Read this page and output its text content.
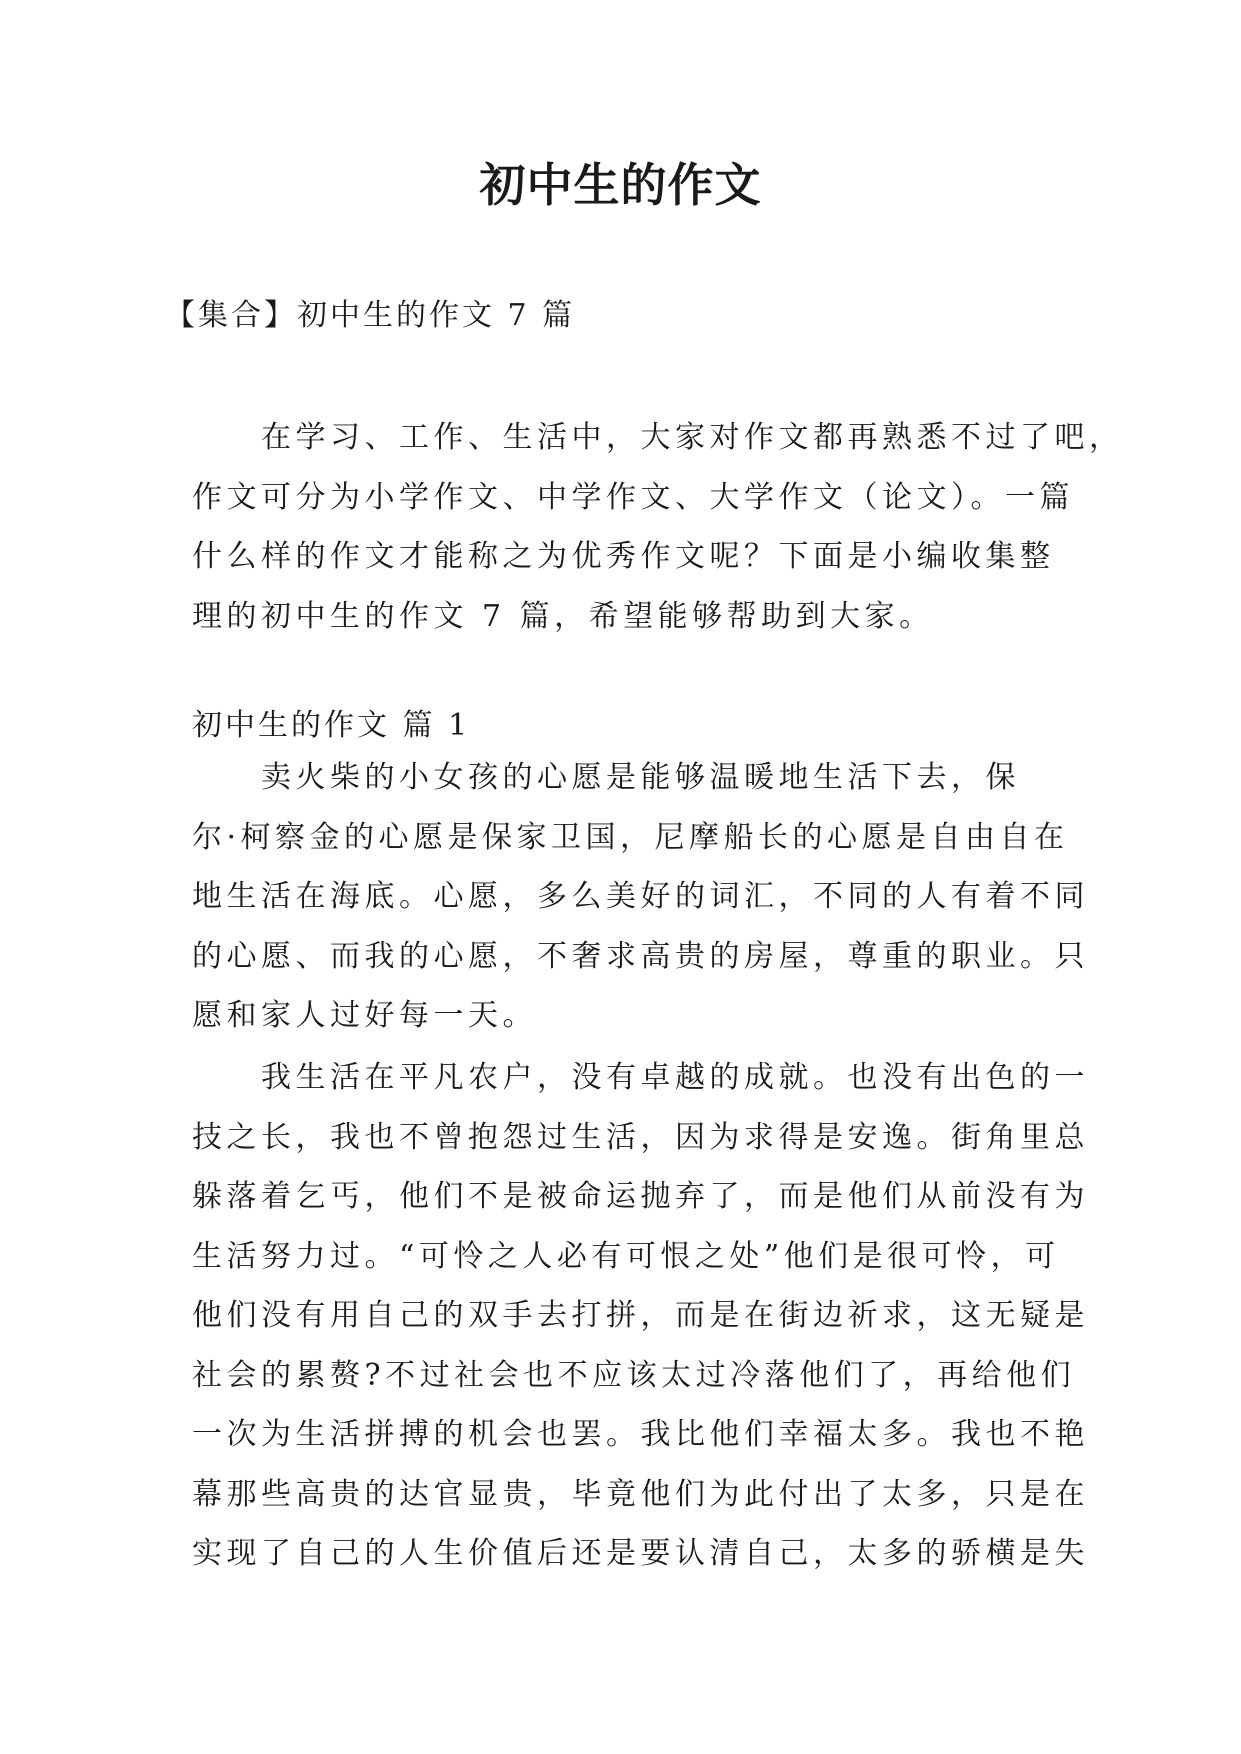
初中生的作文
【集合】初中生的作文 7 篇
　　在学习、工作、生活中，大家对作文都再熟悉不过了吧，
作文可分为小学作文、中学作文、大学作文（论文）。一篇
什么样的作文才能称之为优秀作文呢？下面是小编收集整
理的初中生的作文 7 篇，希望能够帮助到大家。
初中生的作文 篇 1
　　卖火柴的小女孩的心愿是能够温暖地生活下去，保
尔·柯察金的心愿是保家卫国，尼摩船长的心愿是自由自在
地生活在海底。心愿，多么美好的词汇，不同的人有着不同
的心愿、而我的心愿，不奢求高贵的房屋，尊重的职业。只
愿和家人过好每一天。
　　我生活在平凡农户，没有卓越的成就。也没有出色的一
技之长，我也不曾抱怨过生活，因为求得是安逸。街角里总
躲落着乞丐，他们不是被命运抛弃了，而是他们从前没有为
生活努力过。“可怜之人必有可恨之处”他们是很可怜，可
他们没有用自己的双手去打拼，而是在街边祈求，这无疑是
社会的累赘?不过社会也不应该太过冷落他们了，再给他们
一次为生活拼搏的机会也罢。我比他们幸福太多。我也不艳
幕那些高贵的达官显贵，毕竟他们为此付出了太多，只是在
实现了自己的人生价值后还是要认清自己，太多的骄横是失
